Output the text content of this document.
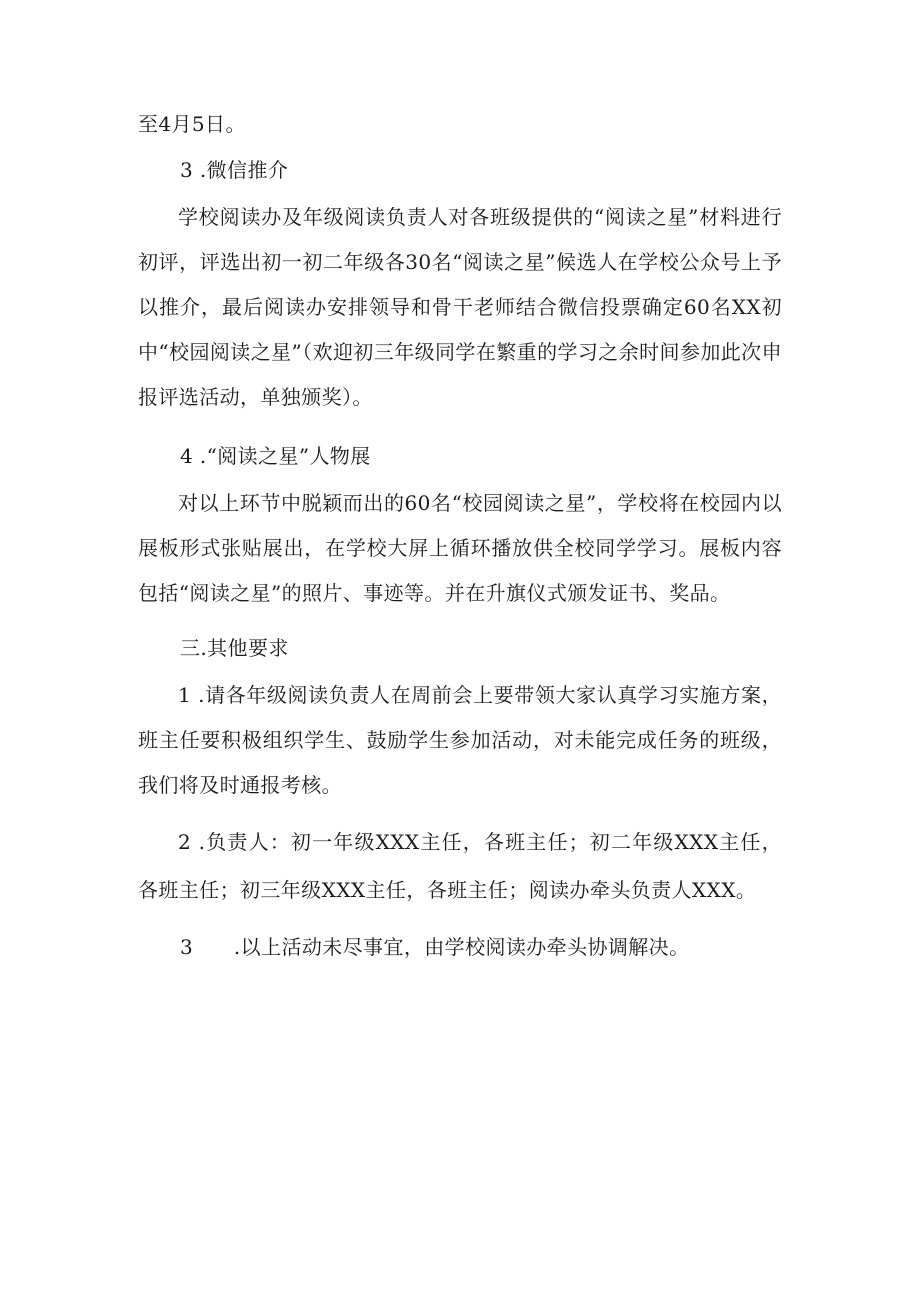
至4月5日。
3 .微信推介
学校阅读办及年级阅读负责人对各班级提供的“阅读之星”材料进行初评，评选出初一初二年级各30名“阅读之星”候选人在学校公众号上予以推介，最后阅读办安排领导和骨干老师结合微信投票确定60名XX初中“校园阅读之星”（欢迎初三年级同学在繁重的学习之余时间参加此次申报评选活动，单独颁奖）。
4 .“阅读之星”人物展
对以上环节中脱颖而出的60名“校园阅读之星”，学校将在校园内以展板形式张贴展出，在学校大屏上循环播放供全校同学学习。展板内容包括“阅读之星”的照片、事迹等。并在升旗仪式颁发证书、奖品。
三.其他要求
1 .请各年级阅读负责人在周前会上要带领大家认真学习实施方案，班主任要积极组织学生、鼓励学生参加活动，对未能完成任务的班级，我们将及时通报考核。
2 .负责人：初一年级XXX主任，各班主任；初二年级XXX主任，各班主任；初三年级XXX主任，各班主任；阅读办牵头负责人XXX。
3　　.以上活动未尽事宜，由学校阅读办牵头协调解决。
